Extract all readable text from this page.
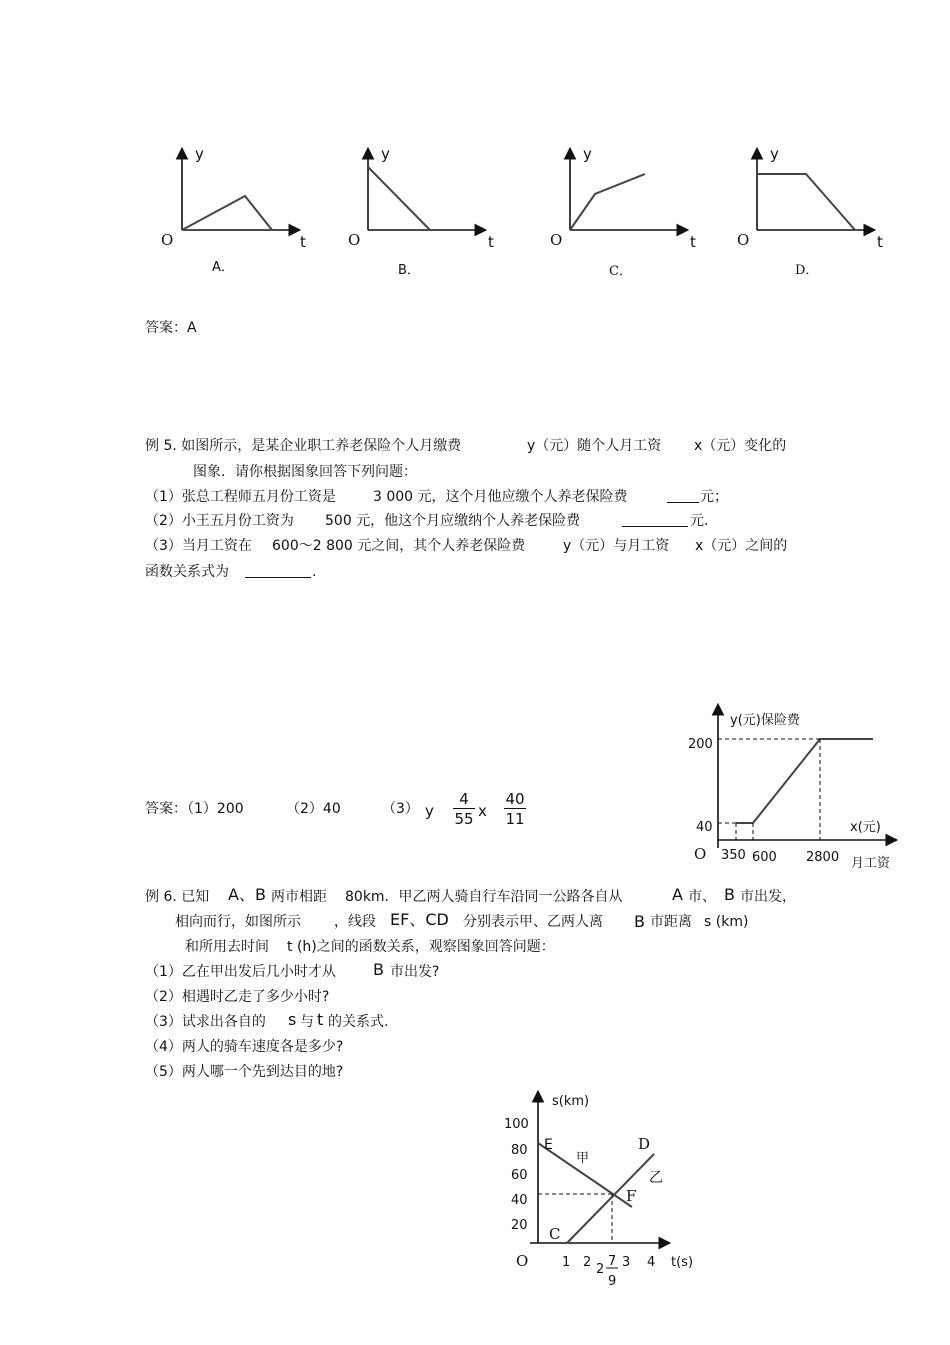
y
O	t
A．
y
O	t
B．
y
O	t
C．
y
O	t
D．
答案：A
例 5. 如图所示，是某企业职工养老保险个人月缴费	y（元）随个人月工资 x（元）变化的
图象．请你根据图象回答下列问题：
（1）张总工程师五月份工资是	3 000 元，这个月他应缴个人养老保险费	元；
（2）小王五月份工资为 500 元，他这个月应缴纳个人养老保险费	元.
（3）当月工资在 600～2 800 元之间，其个人养老保险费	y（元）与月工资 x（元）之间的
函数关系式为	.
答案：（1）200	（2）40	（3） y $\frac{4}{55}$ x $\frac{40}{11}$
y(元)保险费
200
40	x(元)
O 350 600 2800 月工资
例 6. 已知 A、B 两市相距 80km．甲乙两人骑自行车沿同一公路各自从	A 市、 B 市出发，
相向而行，如图所示 ，线段 EF、CD 分别表示甲、乙两人离 B 市距离 s (km)
和所用去时间 t (h)之间的函数关系，观察图象回答问题：
（1）乙在甲出发后几小时才从 B 市出发?
（2）相遇时乙走了多少小时?
（3）试求出各自的 s 与 t 的关系式.
（4）两人的骑车速度各是多少?
（5）两人哪一个先到达目的地?
s(km)
100
80
60
40
20
O	1 2 3 4 t(s)
2
7
9
E	D
F
C
甲
乙
